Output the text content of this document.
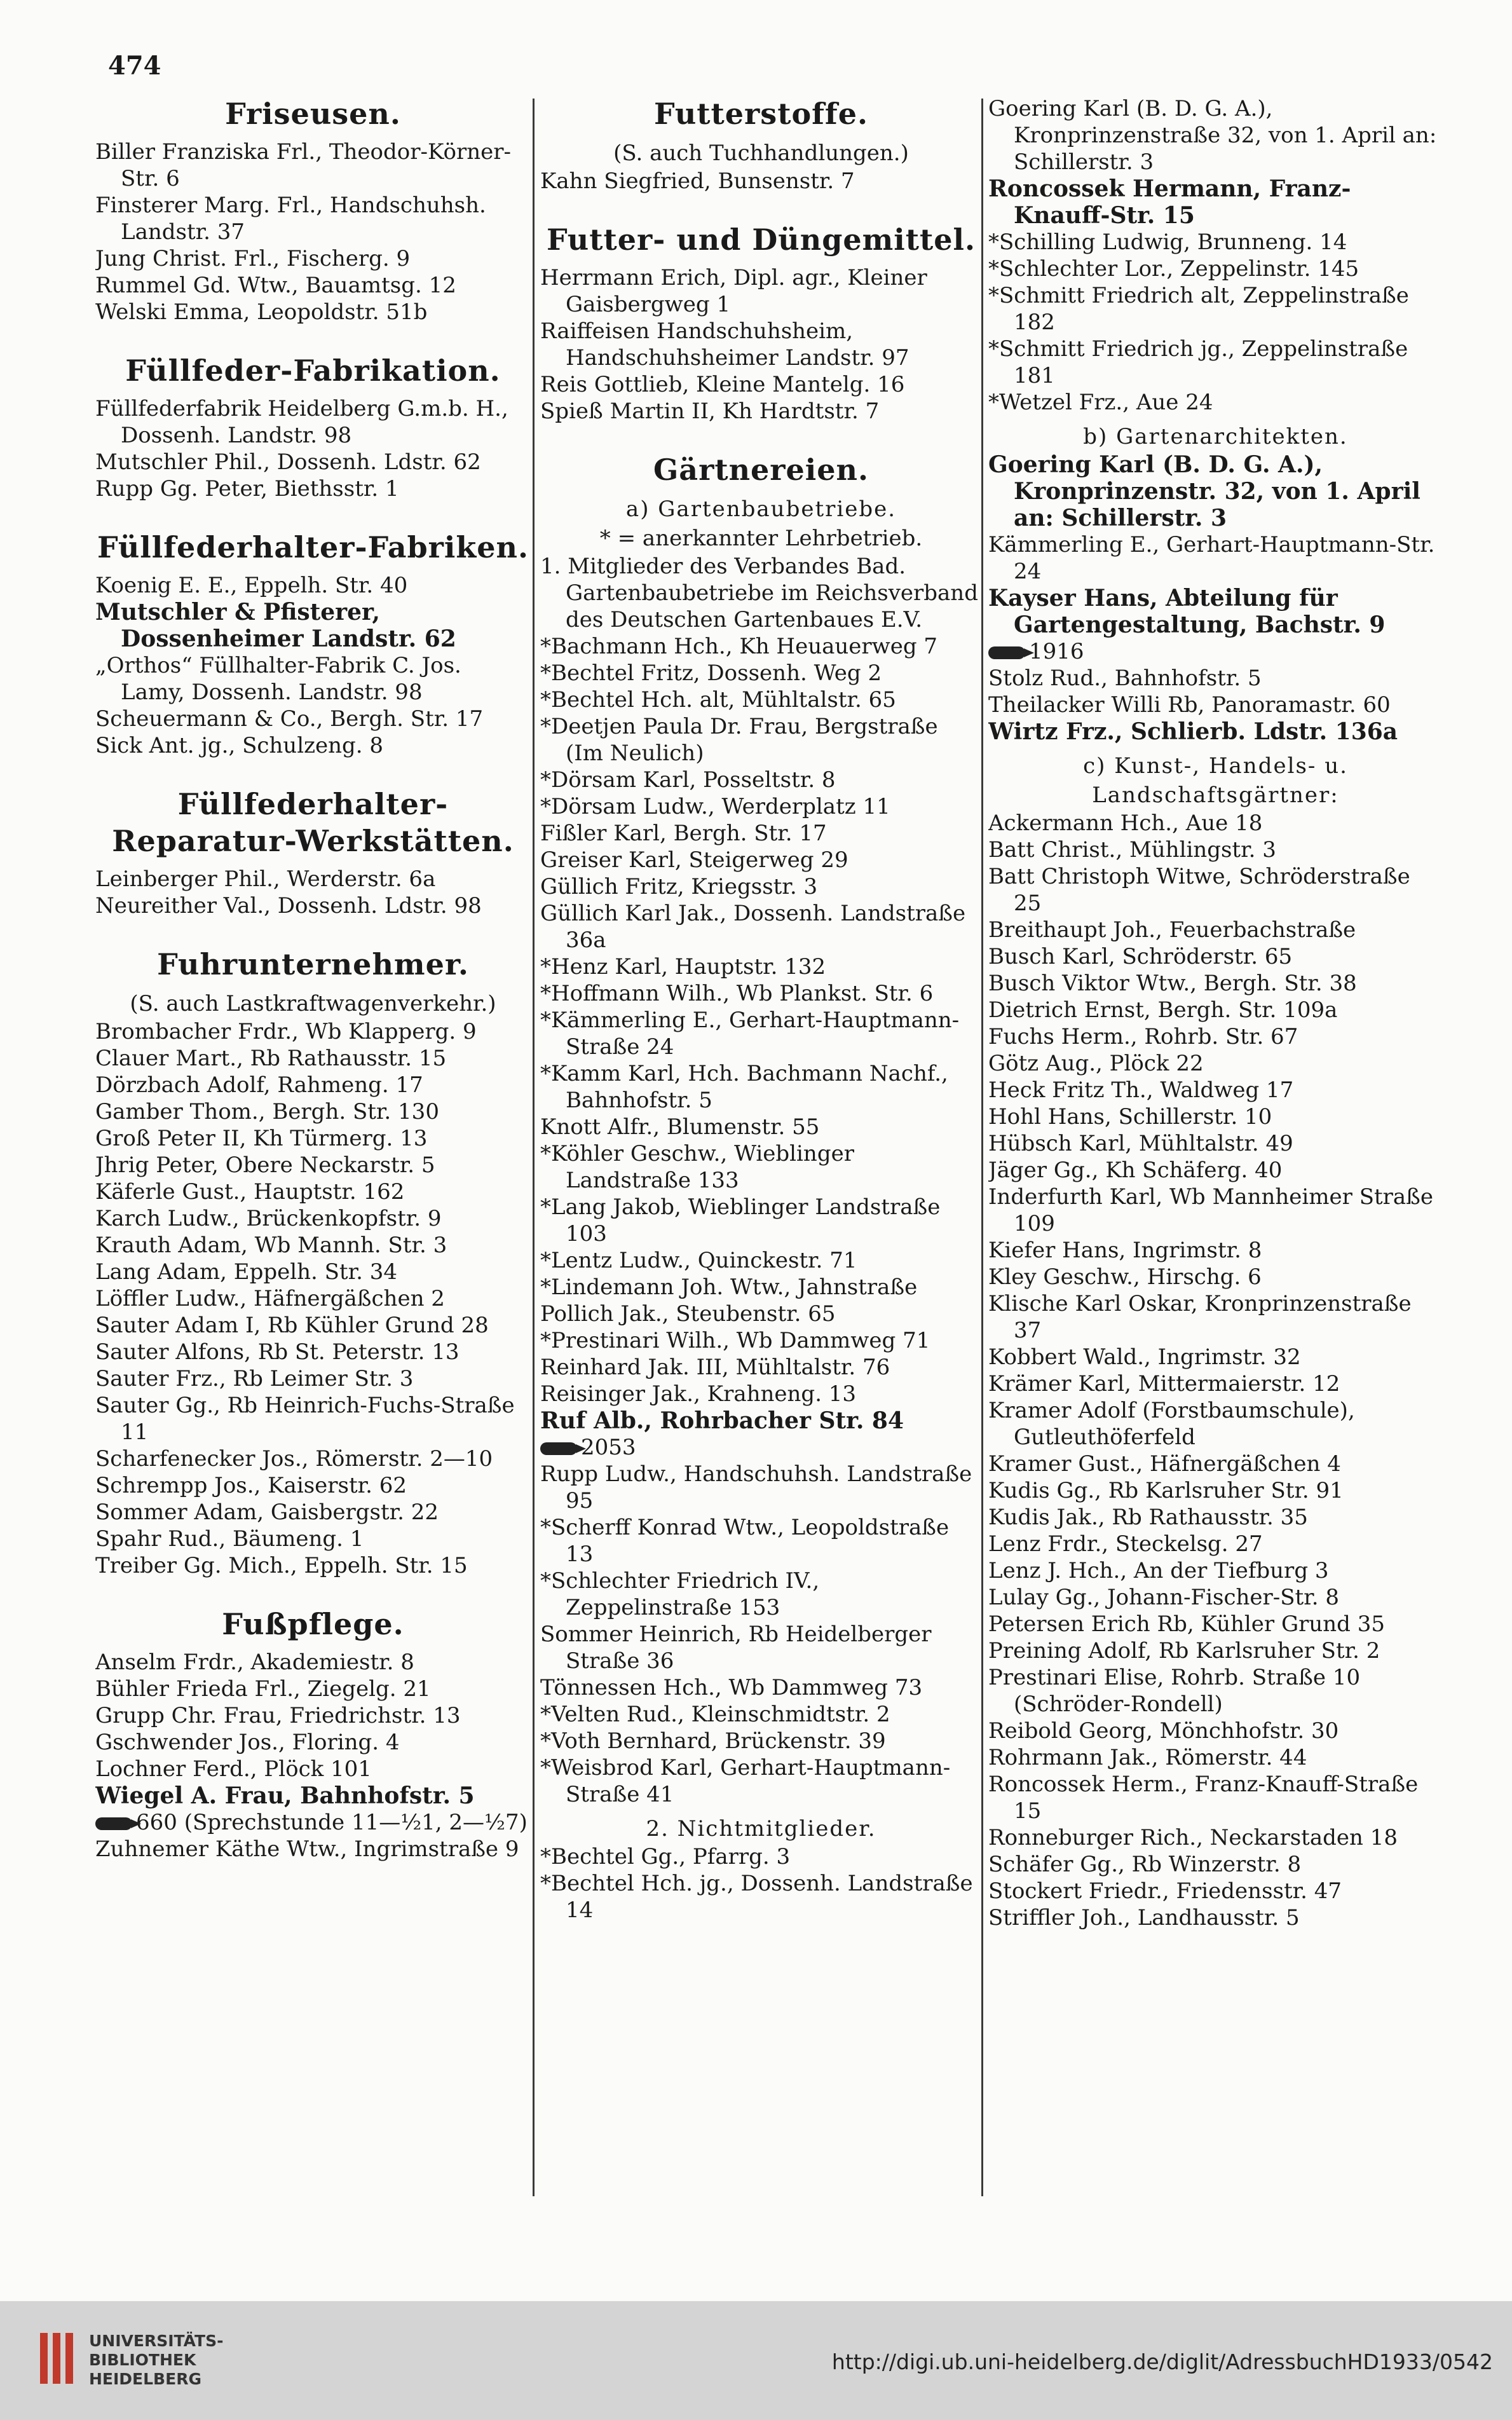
474
Friseusen.
Biller Franziska Frl., Theodor-Körner-Str. 6
Finsterer Marg. Frl., Handschuhsh. Landstr. 37
Jung Christ. Frl., Fischerg. 9
Rummel Gd. Wtw., Bauamtsg. 12
Welski Emma, Leopoldstr. 51b
Füllfeder-Fabrikation.
Füllfederfabrik Heidelberg G.m.b. H., Dossenh. Landstr. 98
Mutschler Phil., Dossenh. Ldstr. 62
Rupp Gg. Peter, Biethsstr. 1
Füllfederhalter-Fabriken.
Koenig E. E., Eppelh. Str. 40
Mutschler & Pfisterer, Dossenheimer Landstr. 62
„Orthos“ Füllhalter-Fabrik C. Jos. Lamy, Dossenh. Landstr. 98
Scheuermann & Co., Bergh. Str. 17
Sick Ant. jg., Schulzeng. 8
Füllfederhalter-Reparatur-Werkstätten.
Leinberger Phil., Werderstr. 6a
Neureither Val., Dossenh. Ldstr. 98
Fuhrunternehmer.
(S. auch Lastkraftwagenverkehr.)
Brombacher Frdr., Wb Klapperg. 9
Clauer Mart., Rb Rathausstr. 15
Dörzbach Adolf, Rahmeng. 17
Gamber Thom., Bergh. Str. 130
Groß Peter II, Kh Türmerg. 13
Jhrig Peter, Obere Neckarstr. 5
Käferle Gust., Hauptstr. 162
Karch Ludw., Brückenkopfstr. 9
Krauth Adam, Wb Mannh. Str. 3
Lang Adam, Eppelh. Str. 34
Löffler Ludw., Häfnergäßchen 2
Sauter Adam I, Rb Kühler Grund 28
Sauter Alfons, Rb St. Peterstr. 13
Sauter Frz., Rb Leimer Str. 3
Sauter Gg., Rb Heinrich-Fuchs-Straße 11
Scharfenecker Jos., Römerstr. 2—10
Schrempp Jos., Kaiserstr. 62
Sommer Adam, Gaisbergstr. 22
Spahr Rud., Bäumeng. 1
Treiber Gg. Mich., Eppelh. Str. 15
Fußpflege.
Anselm Frdr., Akademiestr. 8
Bühler Frieda Frl., Ziegelg. 21
Grupp Chr. Frau, Friedrichstr. 13
Gschwender Jos., Floring. 4
Lochner Ferd., Plöck 101
Wiegel A. Frau, Bahnhofstr. 5
660 (Sprechstunde 11—½1, 2—½7)
Zuhnemer Käthe Wtw., Ingrimstraße 9
Futterstoffe.
(S. auch Tuchhandlungen.)
Kahn Siegfried, Bunsenstr. 7
Futter- und Düngemittel.
Herrmann Erich, Dipl. agr., Kleiner Gaisbergweg 1
Raiffeisen Handschuhsheim, Handschuhsheimer Landstr. 97
Reis Gottlieb, Kleine Mantelg. 16
Spieß Martin II, Kh Hardtstr. 7
Gärtnereien.
a) Gartenbaubetriebe.
* = anerkannter Lehrbetrieb.
1. Mitglieder des Verbandes Bad. Gartenbaubetriebe im Reichsverband des Deutschen Gartenbaues E.V.
*Bachmann Hch., Kh Heuauerweg 7
*Bechtel Fritz, Dossenh. Weg 2
*Bechtel Hch. alt, Mühltalstr. 65
*Deetjen Paula Dr. Frau, Bergstraße (Im Neulich)
*Dörsam Karl, Posseltstr. 8
*Dörsam Ludw., Werderplatz 11
Fißler Karl, Bergh. Str. 17
Greiser Karl, Steigerweg 29
Güllich Fritz, Kriegsstr. 3
Güllich Karl Jak., Dossenh. Landstraße 36a
*Henz Karl, Hauptstr. 132
*Hoffmann Wilh., Wb Plankst. Str. 6
*Kämmerling E., Gerhart-Hauptmann-Straße 24
*Kamm Karl, Hch. Bachmann Nachf., Bahnhofstr. 5
Knott Alfr., Blumenstr. 55
*Köhler Geschw., Wieblinger Landstraße 133
*Lang Jakob, Wieblinger Landstraße 103
*Lentz Ludw., Quinckestr. 71
*Lindemann Joh. Wtw., Jahnstraße
Pollich Jak., Steubenstr. 65
*Prestinari Wilh., Wb Dammweg 71
Reinhard Jak. III, Mühltalstr. 76
Reisinger Jak., Krahneng. 13
Ruf Alb., Rohrbacher Str. 84
2053
Rupp Ludw., Handschuhsh. Landstraße 95
*Scherff Konrad Wtw., Leopoldstraße 13
*Schlechter Friedrich IV., Zeppelinstraße 153
Sommer Heinrich, Rb Heidelberger Straße 36
Tönnessen Hch., Wb Dammweg 73
*Velten Rud., Kleinschmidtstr. 2
*Voth Bernhard, Brückenstr. 39
*Weisbrod Karl, Gerhart-Hauptmann-Straße 41
2. Nichtmitglieder.
*Bechtel Gg., Pfarrg. 3
*Bechtel Hch. jg., Dossenh. Landstraße 14
Goering Karl (B. D. G. A.), Kronprinzenstraße 32, von 1. April an: Schillerstr. 3
Roncossek Hermann, Franz-Knauff-Str. 15
*Schilling Ludwig, Brunneng. 14
*Schlechter Lor., Zeppelinstr. 145
*Schmitt Friedrich alt, Zeppelinstraße 182
*Schmitt Friedrich jg., Zeppelinstraße 181
*Wetzel Frz., Aue 24
b) Gartenarchitekten.
Goering Karl (B. D. G. A.), Kronprinzenstr. 32, von 1. April an: Schillerstr. 3
Kämmerling E., Gerhart-Hauptmann-Str. 24
Kayser Hans, Abteilung für Gartengestaltung, Bachstr. 9
1916
Stolz Rud., Bahnhofstr. 5
Theilacker Willi Rb, Panoramastr. 60
Wirtz Frz., Schlierb. Ldstr. 136a
c) Kunst-, Handels- u. Landschaftsgärtner:
Ackermann Hch., Aue 18
Batt Christ., Mühlingstr. 3
Batt Christoph Witwe, Schröderstraße 25
Breithaupt Joh., Feuerbachstraße
Busch Karl, Schröderstr. 65
Busch Viktor Wtw., Bergh. Str. 38
Dietrich Ernst, Bergh. Str. 109a
Fuchs Herm., Rohrb. Str. 67
Götz Aug., Plöck 22
Heck Fritz Th., Waldweg 17
Hohl Hans, Schillerstr. 10
Hübsch Karl, Mühltalstr. 49
Jäger Gg., Kh Schäferg. 40
Inderfurth Karl, Wb Mannheimer Straße 109
Kiefer Hans, Ingrimstr. 8
Kley Geschw., Hirschg. 6
Klische Karl Oskar, Kronprinzenstraße 37
Kobbert Wald., Ingrimstr. 32
Krämer Karl, Mittermaierstr. 12
Kramer Adolf (Forstbaumschule), Gutleuthöferfeld
Kramer Gust., Häfnergäßchen 4
Kudis Gg., Rb Karlsruher Str. 91
Kudis Jak., Rb Rathausstr. 35
Lenz Frdr., Steckelsg. 27
Lenz J. Hch., An der Tiefburg 3
Lulay Gg., Johann-Fischer-Str. 8
Petersen Erich Rb, Kühler Grund 35
Preining Adolf, Rb Karlsruher Str. 2
Prestinari Elise, Rohrb. Straße 10 (Schröder-Rondell)
Reibold Georg, Mönchhofstr. 30
Rohrmann Jak., Römerstr. 44
Roncossek Herm., Franz-Knauff-Straße 15
Ronneburger Rich., Neckarstaden 18
Schäfer Gg., Rb Winzerstr. 8
Stockert Friedr., Friedensstr. 47
Striffler Joh., Landhausstr. 5
UNIVERSITÄTS-
BIBLIOTHEK
HEIDELBERG
http://digi.ub.uni-heidelberg.de/diglit/AdressbuchHD1933/0542
